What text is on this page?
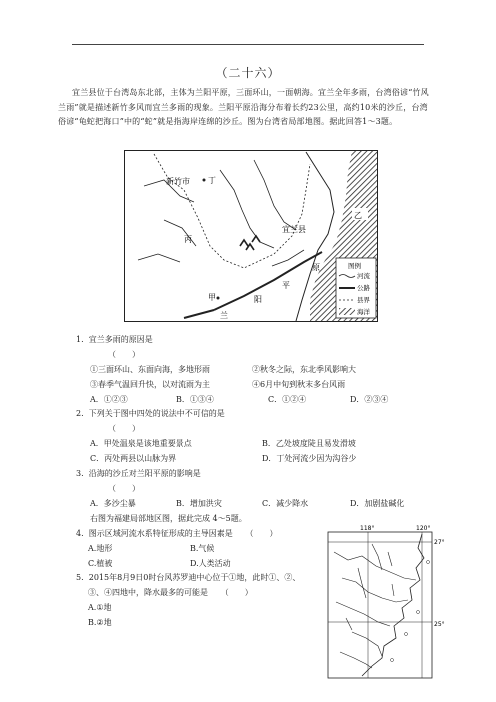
（二十六）
宜兰县位于台湾岛东北部，主体为兰阳平原，三面环山，一面朝海。宜兰全年多雨，台湾俗谚“竹风兰雨”就是描述新竹多风而宜兰多雨的现象。兰阳平原沿海分布着长约23公里，高约10米的沙丘，台湾俗谚“龟蛇把海口”中的“蛇”就是指海岸连绵的沙丘。图为台湾省局部地图。据此回答1～3题。
新竹市 丁
丙
宜兰县
甲
乙
兰
阳
平
原	图例
河流
公路
县界
海洋
1. 宜兰多雨的原因是
（　　）
①三面环山、东面向海，多地形雨	②秋冬之际，东北季风影响大
③春季气温回升快，以对流雨为主	④6月中旬到秋末多台风雨
A．①②③	B．①③④	C．①②④	D．②③④
2. 下列关于图中四处的说法中不可信的是
（　　）
A．甲处温泉是该地重要景点	B．乙处坡度陡且易发滑坡
C．丙处两县以山脉为界	D．丁处河流少因为沟谷少
3. 沿海的沙丘对兰阳平原的影响是
（　　）
A．多沙尘暴	B．增加洪灾	C．减少降水	D．加剧盐碱化
右图为福建局部地区图，据此完成 4～5题。
4. 图示区域河流水系特征形成的主导因素是 （　　）
A.地形	B.气候
C.植被	D.人类活动
5. 2015年8月9日0时台风苏罗迪中心位于①地，此时①、②、
③、④四地中，降水最多的可能是 （　　）
A.①地
B.②地
118°	120°
27°
25°
